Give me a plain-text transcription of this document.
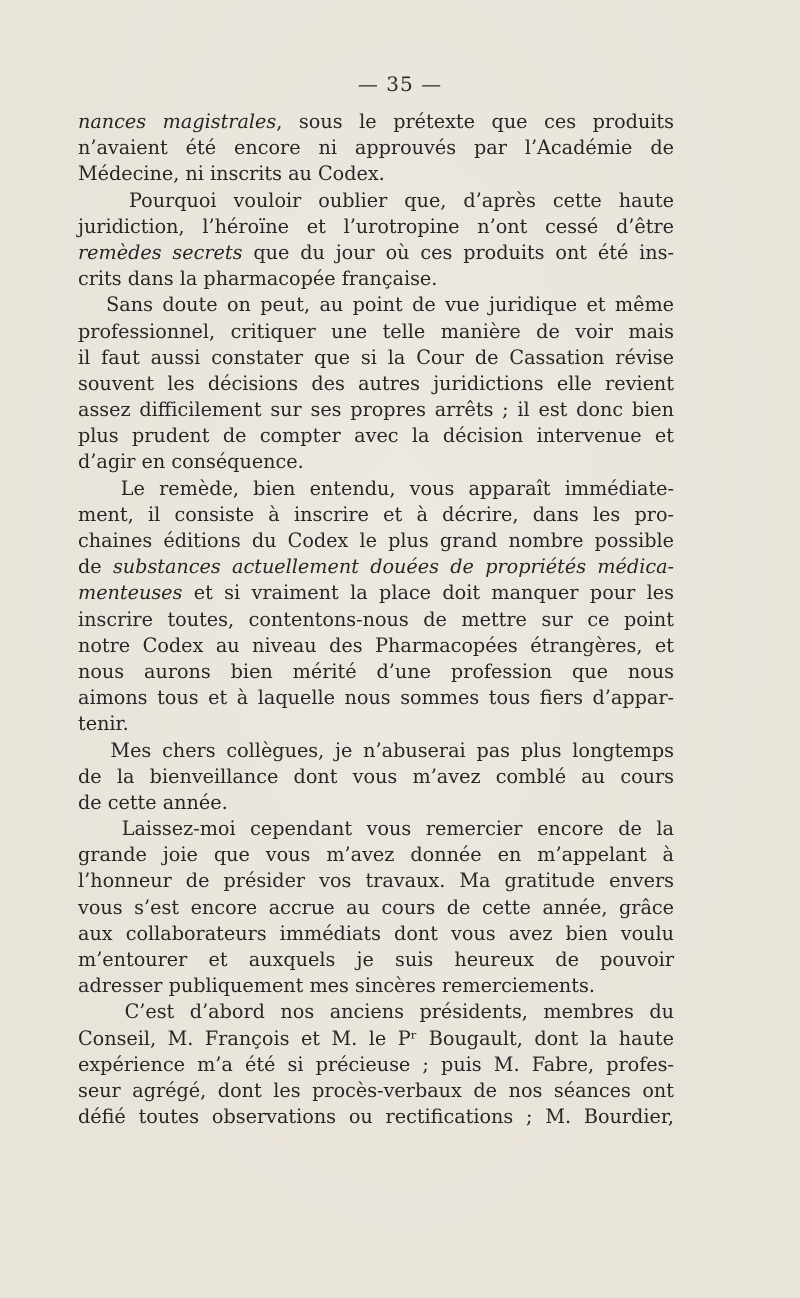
— 35 —
nances magistrales, sous le prétexte que ces produits
n’avaient été encore ni approuvés par l’Académie de
Médecine, ni inscrits au Codex.
Pourquoi vouloir oublier que, d’après cette haute
juridiction, l’héroïne et l’urotropine n’ont cessé d’être
remèdes secrets que du jour où ces produits ont été ins-
crits dans la pharmacopée française.
Sans doute on peut, au point de vue juridique et même
professionnel, critiquer une telle manière de voir mais
il faut aussi constater que si la Cour de Cassation révise
souvent les décisions des autres juridictions elle revient
assez difficilement sur ses propres arrêts ; il est donc bien
plus prudent de compter avec la décision intervenue et
d’agir en conséquence.
Le remède, bien entendu, vous apparaît immédiate-
ment, il consiste à inscrire et à décrire, dans les pro-
chaines éditions du Codex le plus grand nombre possible
de substances actuellement douées de propriétés médica-
menteuses et si vraiment la place doit manquer pour les
inscrire toutes, contentons-nous de mettre sur ce point
notre Codex au niveau des Pharmacopées étrangères, et
nous aurons bien mérité d’une profession que nous
aimons tous et à laquelle nous sommes tous fiers d’appar-
tenir.
Mes chers collègues, je n’abuserai pas plus longtemps
de la bienveillance dont vous m’avez comblé au cours
de cette année.
Laissez-moi cependant vous remercier encore de la
grande joie que vous m’avez donnée en m’appelant à
l’honneur de présider vos travaux. Ma gratitude envers
vous s’est encore accrue au cours de cette année, grâce
aux collaborateurs immédiats dont vous avez bien voulu
m’entourer et auxquels je suis heureux de pouvoir
adresser publiquement mes sincères remerciements.
C’est d’abord nos anciens présidents, membres du
Conseil, M. François et M. le Pʳ Bougault, dont la haute
expérience m’a été si précieuse ; puis M. Fabre, profes-
seur agrégé, dont les procès-verbaux de nos séances ont
défié toutes observations ou rectifications ; M. Bourdier,
